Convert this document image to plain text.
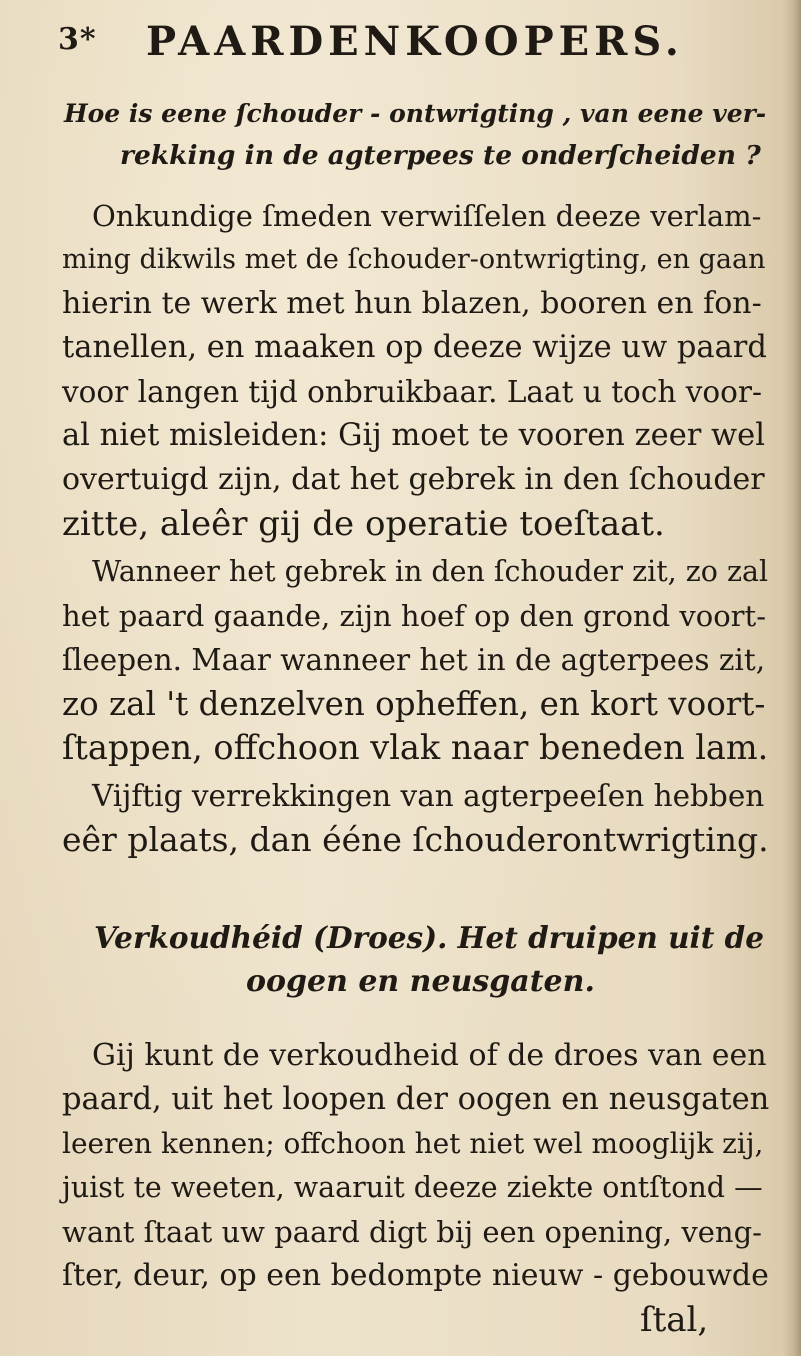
3* PAARDENKOOPERS.

Hoe is eene ſchouder - ontwrigting , van eene ver-

rekking in de agterpees te onderſcheiden ?

Onkundige ſmeden verwiſſelen deeze verlam-

ming dikwils met de ſchouder-ontwrigting, en gaan

hierin te werk met hun blazen, booren en fon-

tanellen, en maaken op deeze wijze uw paard

voor langen tijd onbruikbaar. Laat u toch voor-

al niet misleiden: Gij moet te vooren zeer wel

overtuigd zijn, dat het gebrek in den ſchouder

zitte, aleêr gij de operatie toeſtaat.

Wanneer het gebrek in den ſchouder zit, zo zal

het paard gaande, zijn hoef op den grond voort-

ſleepen. Maar wanneer het in de agterpees zit,

zo zal 't denzelven opheffen, en kort voort-

ſtappen, offchoon vlak naar beneden lam.

Vijftig verrekkingen van agterpeeſen hebben

eêr plaats, dan ééne ſchouderontwrigting.

Verkoudhéid (Droes). Het druipen uit de

oogen en neusgaten.

Gij kunt de verkoudheid of de droes van een

paard, uit het loopen der oogen en neusgaten

leeren kennen; offchoon het niet wel mooglijk zij,

juist te weeten, waaruit deeze ziekte ontſtond —

want ſtaat uw paard digt bij een opening, veng-

ſter, deur, op een bedompte nieuw - gebouwde

ſtal,
